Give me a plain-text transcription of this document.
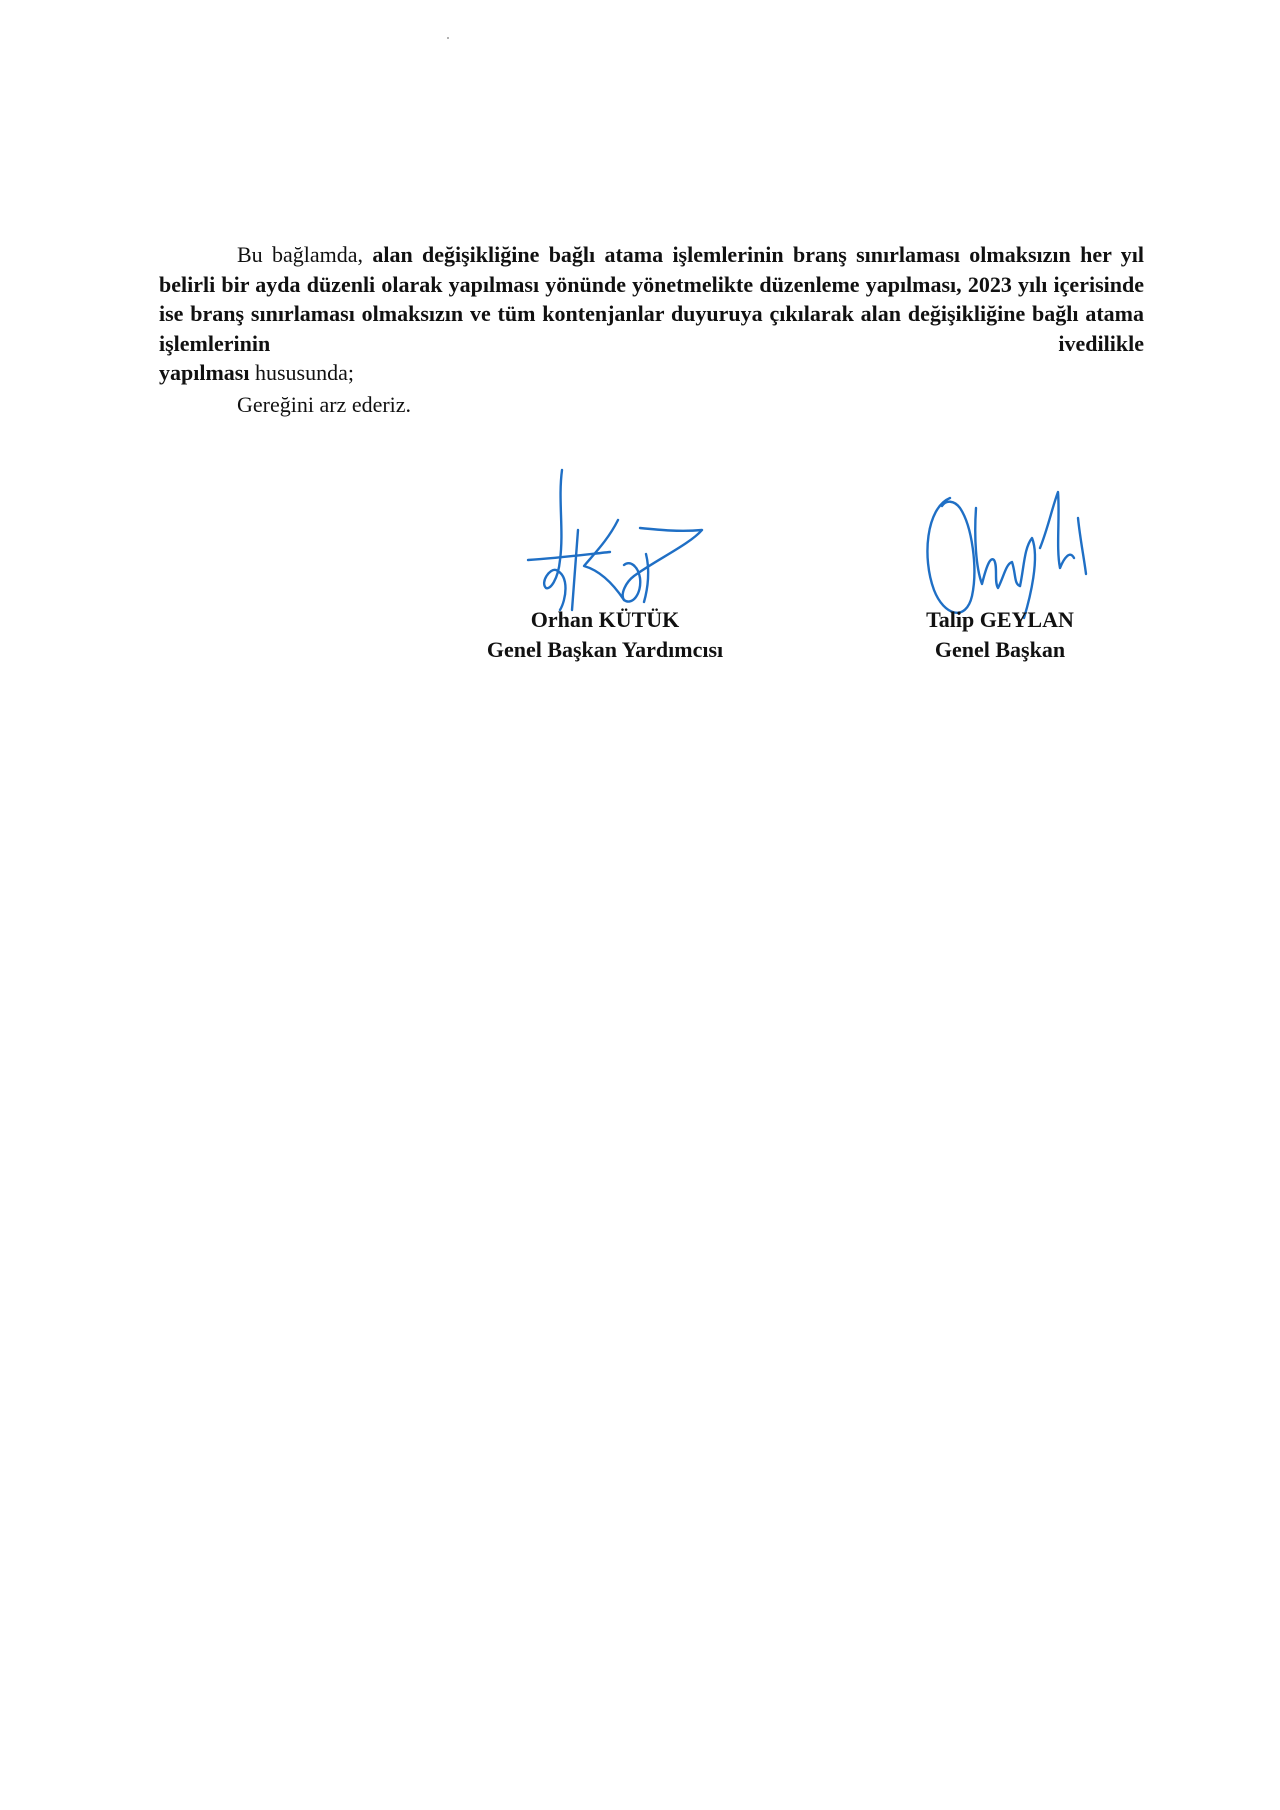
Bu bağlamda, alan değişikliğine bağlı atama işlemlerinin branş sınırlaması olmaksızın her yıl belirli bir ayda düzenli olarak yapılması yönünde yönetmelikte düzenleme yapılması, 2023 yılı içerisinde ise branş sınırlaması olmaksızın ve tüm kontenjanlar duyuruya çıkılarak alan değişikliğine bağlı atama işlemlerinin ivedilikle

yapılması hususunda;

Gereğini arz ederiz.

Orhan KÜTÜK
Genel Başkan Yardımcısı
Talip GEYLAN
Genel Başkan
